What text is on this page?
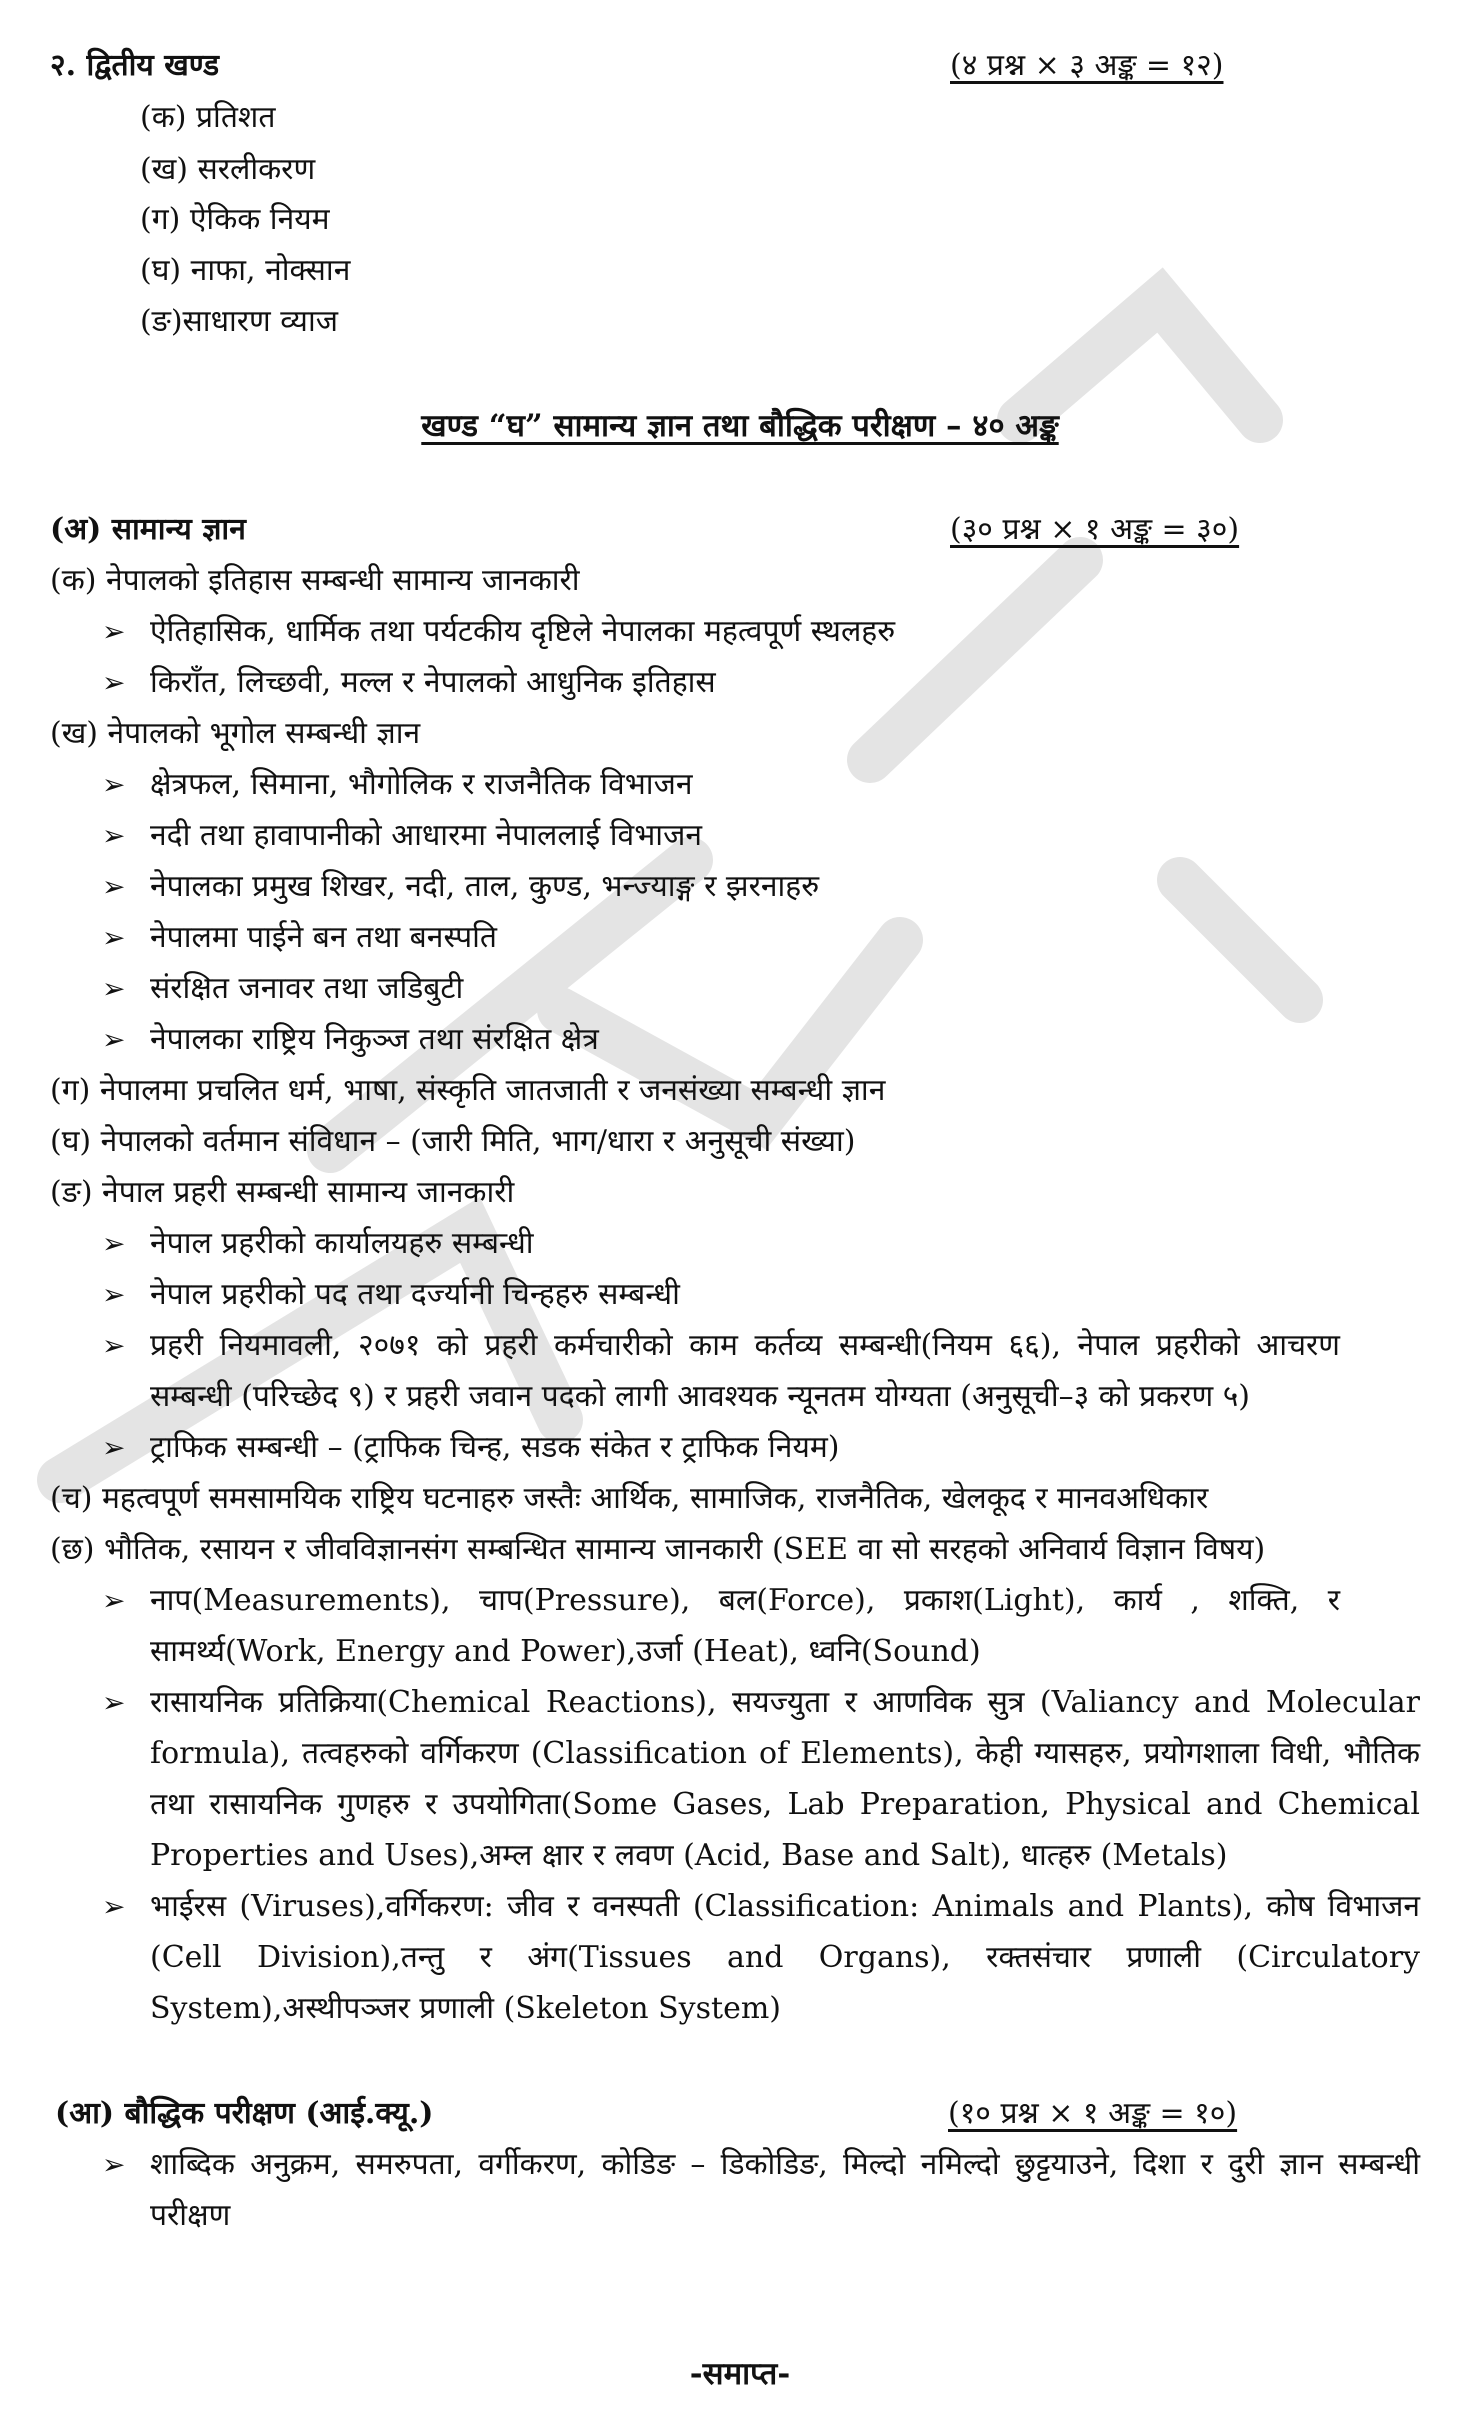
२. द्वितीय खण्ड	(४ प्रश्न × ३ अङ्क = १२)
(क) प्रतिशत
(ख) सरलीकरण
(ग) ऐकिक नियम
(घ) नाफा, नोक्सान
(ङ)साधारण व्याज
खण्ड “घ” सामान्य ज्ञान तथा बौद्धिक परीक्षण – ४० अङ्क
(अ) सामान्य ज्ञान	(३० प्रश्न × १ अङ्क = ३०)
(क) नेपालको इतिहास सम्बन्धी सामान्य जानकारी
➢ ऐतिहासिक, धार्मिक तथा पर्यटकीय दृष्टिले नेपालका महत्वपूर्ण स्थलहरु
➢ किराँत, लिच्छवी, मल्ल र नेपालको आधुनिक इतिहास
(ख) नेपालको भूगोल सम्बन्धी ज्ञान
➢ क्षेत्रफल, सिमाना, भौगोलिक र राजनैतिक विभाजन
➢ नदी तथा हावापानीको आधारमा नेपाललाई विभाजन
➢ नेपालका प्रमुख शिखर, नदी, ताल, कुण्ड, भन्ज्याङ्ग र झरनाहरु
➢ नेपालमा पाईने बन तथा बनस्पति
➢ संरक्षित जनावर तथा जडिबुटी
➢ नेपालका राष्ट्रिय निकुञ्ज तथा संरक्षित क्षेत्र
(ग) नेपालमा प्रचलित धर्म, भाषा, संस्कृति जातजाती र जनसंख्या सम्बन्धी ज्ञान
(घ) नेपालको वर्तमान संविधान – (जारी मिति, भाग/धारा र अनुसूची संख्या)
(ङ) नेपाल प्रहरी सम्बन्धी सामान्य जानकारी
➢ नेपाल प्रहरीको कार्यालयहरु सम्बन्धी
➢ नेपाल प्रहरीको पद तथा दर्ज्यानी चिन्हहरु सम्बन्धी
➢ प्रहरी नियमावली, २०७१ को प्रहरी कर्मचारीको काम कर्तव्य सम्बन्धी(नियम ६६), नेपाल प्रहरीको आचरण सम्बन्धी (परिच्छेद ९) र प्रहरी जवान पदको लागी आवश्यक न्यूनतम योग्यता (अनुसूची–३ को प्रकरण ५)
➢ ट्राफिक सम्बन्धी – (ट्राफिक चिन्ह, सडक संकेत र ट्राफिक नियम)
(च) महत्वपूर्ण समसामयिक राष्ट्रिय घटनाहरु जस्तैः आर्थिक, सामाजिक, राजनैतिक, खेलकूद र मानवअधिकार
(छ) भौतिक, रसायन र जीवविज्ञानसंग सम्बन्धित सामान्य जानकारी (SEE वा सो सरहको अनिवार्य विज्ञान विषय)
➢ नाप(Measurements), चाप(Pressure), बल(Force), प्रकाश(Light), कार्य , शक्ति, र सामर्थ्य(Work, Energy and Power),उर्जा (Heat), ध्वनि(Sound)
➢ रासायनिक प्रतिक्रिया(Chemical Reactions), सयज्युता र आणविक सुत्र (Valiancy and Molecular formula), तत्वहरुको वर्गिकरण (Classification of Elements), केही ग्यासहरु, प्रयोगशाला विधी, भौतिक तथा रासायनिक गुणहरु र उपयोगिता(Some Gases, Lab Preparation, Physical and Chemical Properties and Uses),अम्ल क्षार र लवण (Acid, Base and Salt), धात्हरु (Metals)
➢ भाईरस (Viruses),वर्गिकरण: जीव र वनस्पती (Classification: Animals and Plants), कोष विभाजन (Cell Division),तन्तु र अंग(Tissues and Organs), रक्तसंचार प्रणाली (Circulatory System),अस्थीपञ्जर प्रणाली (Skeleton System)
(आ) बौद्धिक परीक्षण (आई.क्यू.)	(१० प्रश्न × १ अङ्क = १०)
➢ शाब्दिक अनुक्रम, समरुपता, वर्गीकरण, कोडिङ – डिकोडिङ, मिल्दो नमिल्दो छुट्टयाउने, दिशा र दुरी ज्ञान सम्बन्धी परीक्षण
-समाप्त-
